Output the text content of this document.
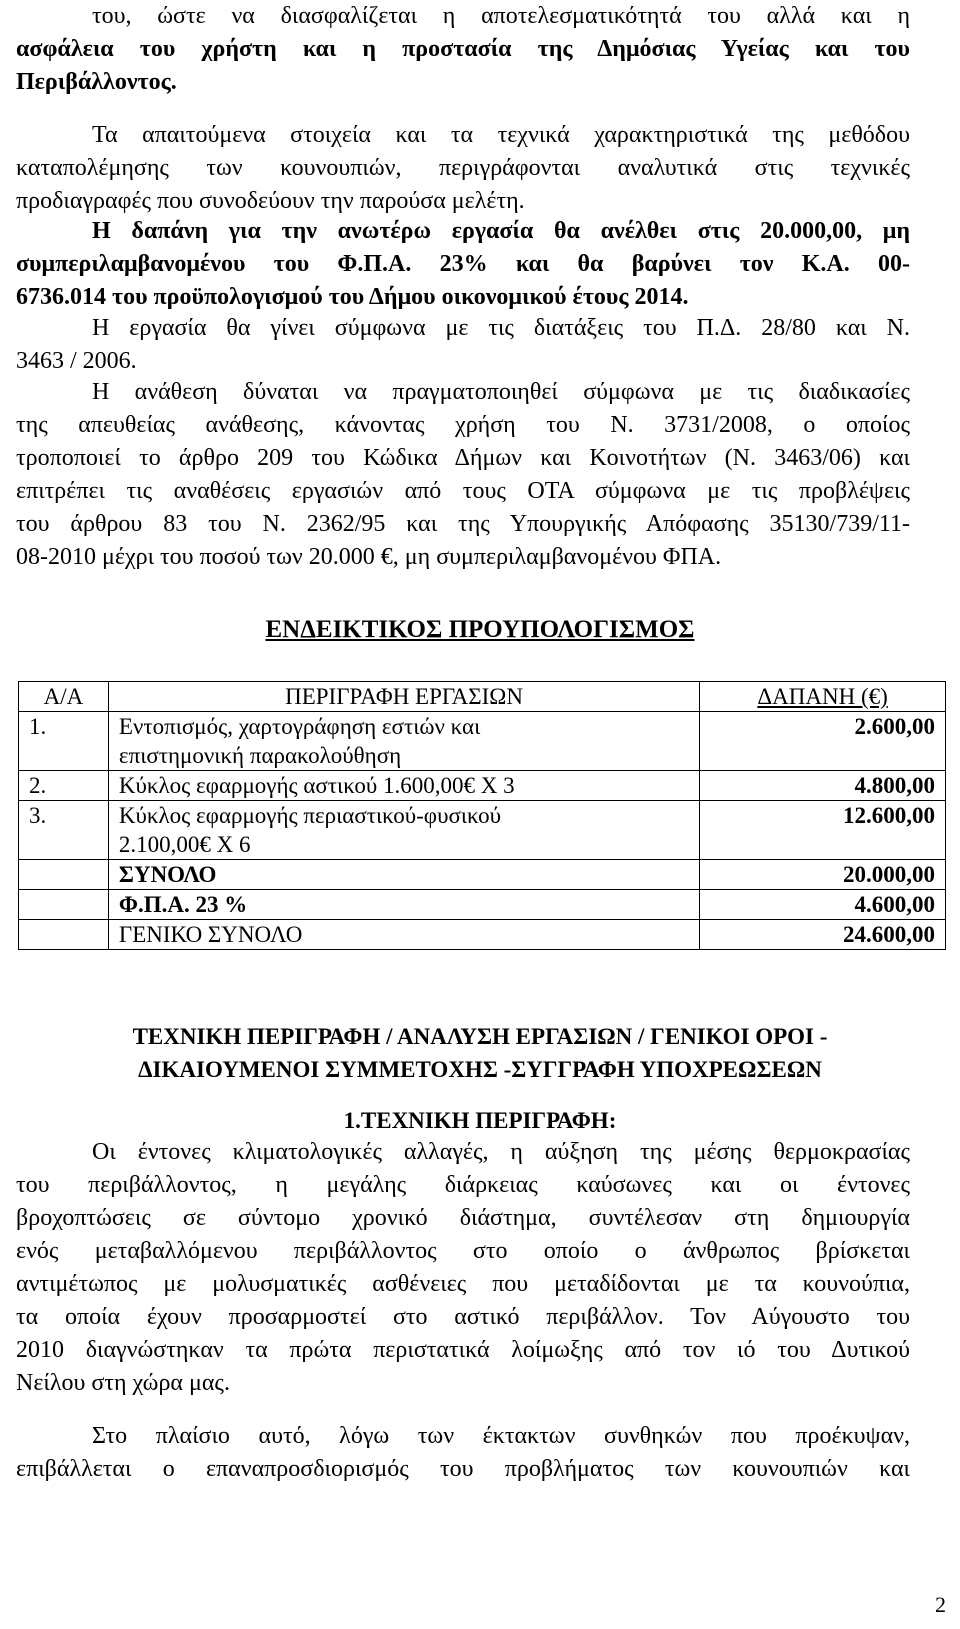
του, ώστε να διασφαλίζεται η αποτελεσματικότητά του αλλά και η
ασφάλεια του χρήστη και η προστασία της Δημόσιας Υγείας και του
Περιβάλλοντος.
Τα απαιτούμενα στοιχεία και τα τεχνικά χαρακτηριστικά της μεθόδου
καταπολέμησης των κουνουπιών, περιγράφονται αναλυτικά στις τεχνικές
προδιαγραφές που συνοδεύουν την παρούσα μελέτη.
Η δαπάνη για την ανωτέρω εργασία θα ανέλθει στις 20.000,00, μη
συμπεριλαμβανομένου του Φ.Π.Α. 23% και θα βαρύνει τον Κ.Α. 00-
6736.014 του προϋπολογισμού του Δήμου οικονομικού έτους 2014.
Η εργασία θα γίνει σύμφωνα με τις διατάξεις του Π.Δ. 28/80 και Ν.
3463 / 2006.
Η ανάθεση δύναται να πραγματοποιηθεί σύμφωνα με τις διαδικασίες
της απευθείας ανάθεσης, κάνοντας χρήση του Ν. 3731/2008, ο οποίος
τροποποιεί το άρθρο 209 του Κώδικα Δήμων και Κοινοτήτων (Ν. 3463/06) και
επιτρέπει τις αναθέσεις εργασιών από τους ΟΤΑ σύμφωνα με τις προβλέψεις
του άρθρου 83 του Ν. 2362/95 και της Υπουργικής Απόφασης 35130/739/11-
08-2010 μέχρι του ποσού των 20.000 €, μη συμπεριλαμβανομένου ΦΠΑ.
ΕΝΔΕΙΚΤΙΚΟΣ ΠΡΟΥΠΟΛΟΓΙΣΜΟΣ
Α/Α	ΠΕΡΙΓΡΑΦΗ ΕΡΓΑΣΙΩΝ	ΔΑΠΑΝΗ (€)
1.	Εντοπισμός, χαρτογράφηση εστιών και
επιστημονική παρακολούθηση	2.600,00
2.	Κύκλος εφαρμογής αστικού 1.600,00€ Χ 3	4.800,00
3.	Κύκλος εφαρμογής περιαστικού-φυσικού
2.100,00€ Χ 6	12.600,00
	ΣΥΝΟΛΟ	20.000,00
	Φ.Π.Α. 23 %	4.600,00
	ΓΕΝΙΚΟ ΣΥΝΟΛΟ	24.600,00
ΤΕΧΝΙΚΗ ΠΕΡΙΓΡΑΦΗ / ΑΝΑΛΥΣΗ ΕΡΓΑΣΙΩΝ / ΓΕΝΙΚΟΙ ΟΡΟΙ -
ΔΙΚΑΙΟΥΜΕΝΟΙ ΣΥΜΜΕΤΟΧΗΣ -ΣΥΓΓΡΑΦΗ ΥΠΟΧΡΕΩΣΕΩΝ
1.ΤΕΧΝΙΚΗ ΠΕΡΙΓΡΑΦΗ:
Οι έντονες κλιματολογικές αλλαγές, η αύξηση της μέσης θερμοκρασίας
του περιβάλλοντος, η μεγάλης διάρκειας καύσωνες και οι έντονες
βροχοπτώσεις σε σύντομο χρονικό διάστημα, συντέλεσαν στη δημιουργία
ενός μεταβαλλόμενου περιβάλλοντος στο οποίο ο άνθρωπος βρίσκεται
αντιμέτωπος με μολυσματικές ασθένειες που μεταδίδονται με τα κουνούπια,
τα οποία έχουν προσαρμοστεί στο αστικό περιβάλλον. Τον Αύγουστο του
2010 διαγνώστηκαν τα πρώτα περιστατικά λοίμωξης από τον ιό του Δυτικού
Νείλου στη χώρα μας.
Στο πλαίσιο αυτό, λόγω των έκτακτων συνθηκών που προέκυψαν,
επιβάλλεται ο επαναπροσδιορισμός του προβλήματος των κουνουπιών και
2
